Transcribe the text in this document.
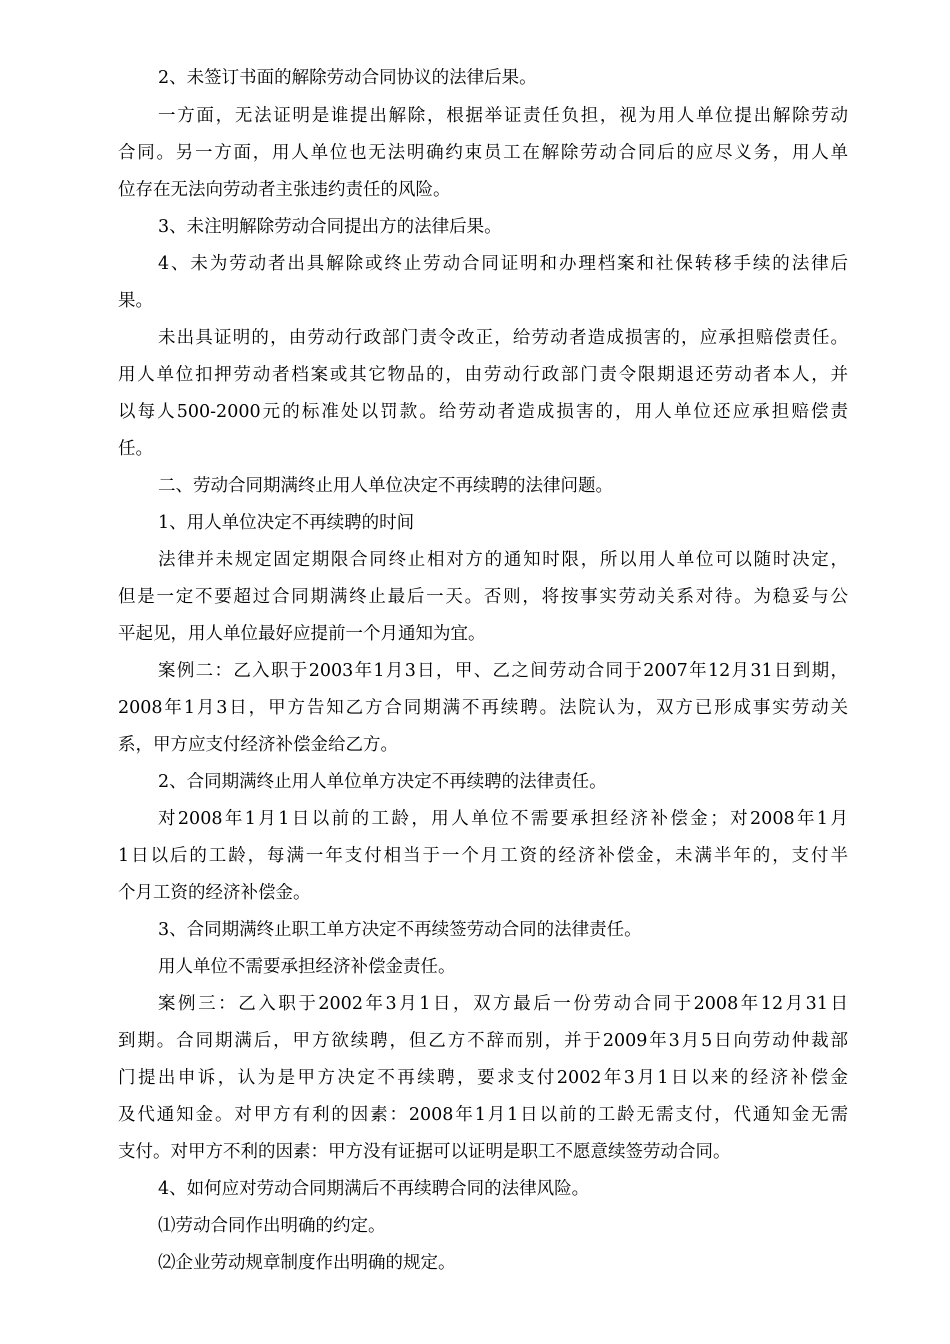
2、未签订书面的解除劳动合同协议的法律后果。
一方面，无法证明是谁提出解除，根据举证责任负担，视为用人单位提出解除劳动
合同。另一方面，用人单位也无法明确约束员工在解除劳动合同后的应尽义务，用人单
位存在无法向劳动者主张违约责任的风险。
3、未注明解除劳动合同提出方的法律后果。
4、未为劳动者出具解除或终止劳动合同证明和办理档案和社保转移手续的法律后
果。
未出具证明的，由劳动行政部门责令改正，给劳动者造成损害的，应承担赔偿责任。
用人单位扣押劳动者档案或其它物品的，由劳动行政部门责令限期退还劳动者本人，并
以每人500-2000元的标准处以罚款。给劳动者造成损害的，用人单位还应承担赔偿责
任。
二、劳动合同期满终止用人单位决定不再续聘的法律问题。
1、用人单位决定不再续聘的时间
法律并未规定固定期限合同终止相对方的通知时限，所以用人单位可以随时决定，
但是一定不要超过合同期满终止最后一天。否则，将按事实劳动关系对待。为稳妥与公
平起见，用人单位最好应提前一个月通知为宜。
案例二：乙入职于2003年1月3日，甲、乙之间劳动合同于2007年12月31日到期，
2008年1月3日，甲方告知乙方合同期满不再续聘。法院认为，双方已形成事实劳动关
系，甲方应支付经济补偿金给乙方。
2、合同期满终止用人单位单方决定不再续聘的法律责任。
对2008年1月1日以前的工龄，用人单位不需要承担经济补偿金；对2008年1月
1日以后的工龄，每满一年支付相当于一个月工资的经济补偿金，未满半年的，支付半
个月工资的经济补偿金。
3、合同期满终止职工单方决定不再续签劳动合同的法律责任。
用人单位不需要承担经济补偿金责任。
案例三：乙入职于2002年3月1日，双方最后一份劳动合同于2008年12月31日
到期。合同期满后，甲方欲续聘，但乙方不辞而别，并于2009年3月5日向劳动仲裁部
门提出申诉，认为是甲方决定不再续聘，要求支付2002年3月1日以来的经济补偿金
及代通知金。对甲方有利的因素：2008年1月1日以前的工龄无需支付，代通知金无需
支付。对甲方不利的因素：甲方没有证据可以证明是职工不愿意续签劳动合同。
4、如何应对劳动合同期满后不再续聘合同的法律风险。
⑴劳动合同作出明确的约定。
⑵企业劳动规章制度作出明确的规定。
